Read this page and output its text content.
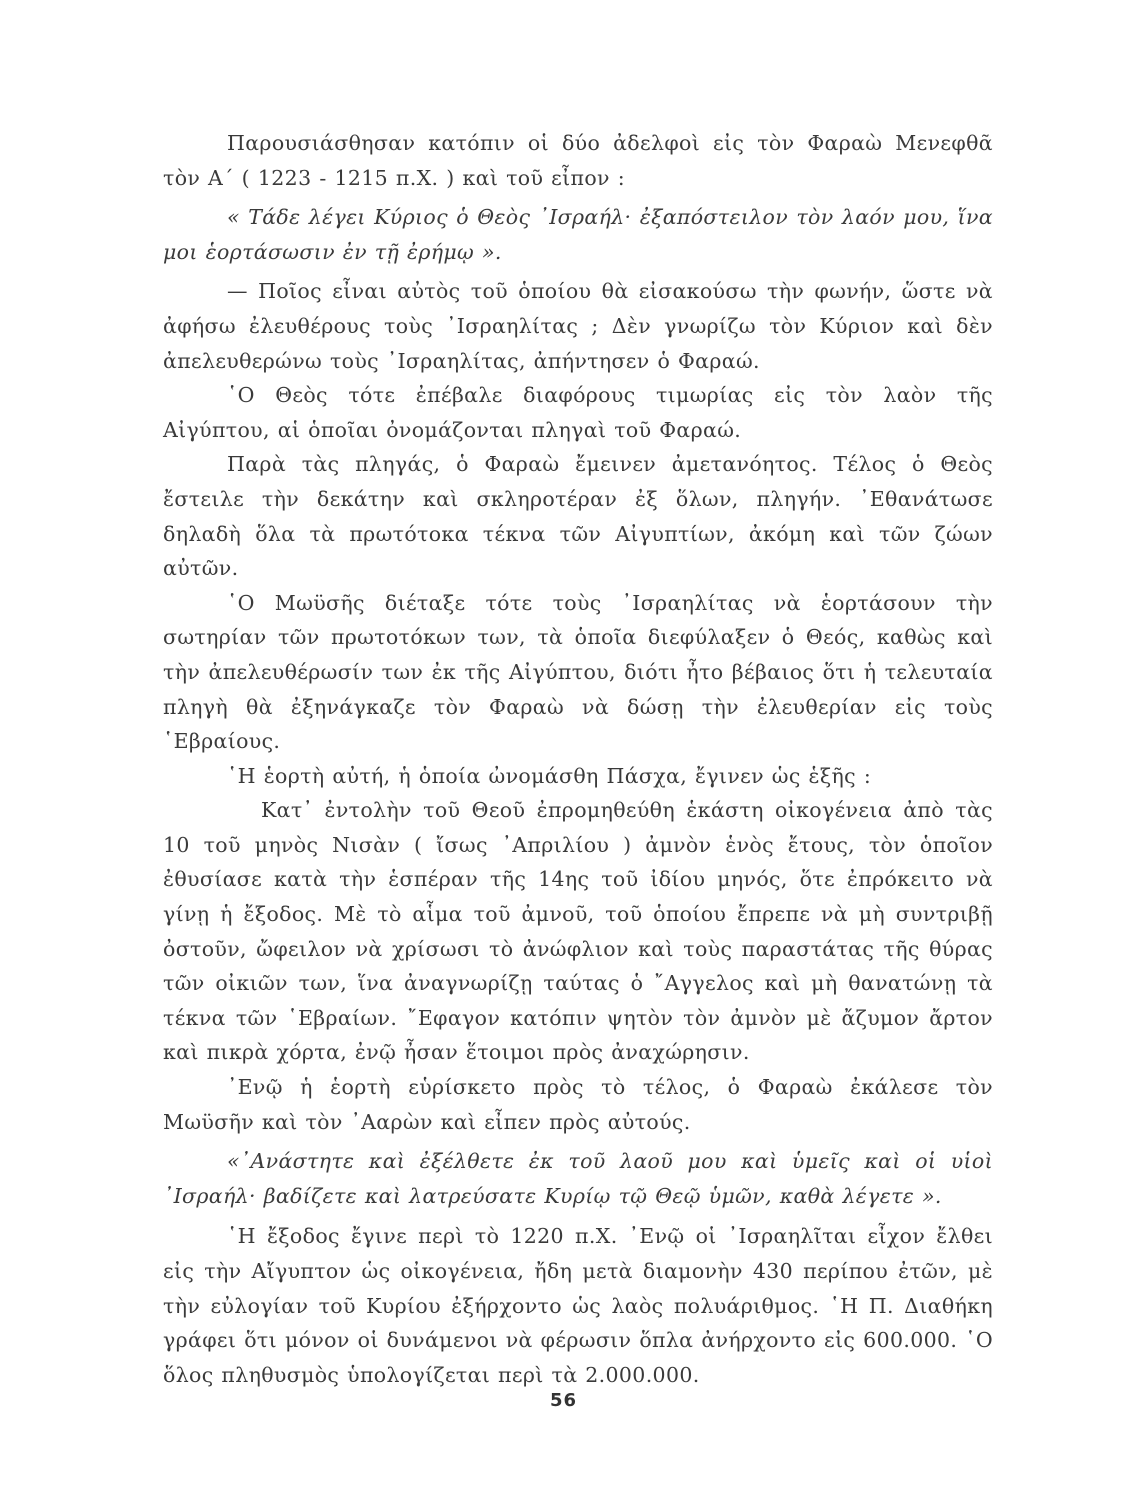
Παρουσιάσθησαν κατόπιν οἱ δύο ἀδελφοὶ εἰς τὸν Φαραὼ Μενεφθᾶ τὸν Α΄ ( 1223 - 1215 π.Χ. ) καὶ τοῦ εἶπον :

« Τάδε λέγει Κύριος ὁ Θεὸς ᾽Ισραήλ· ἐξαπόστειλον τὸν λαόν μου, ἵνα μοι ἑορτάσωσιν ἐν τῇ ἐρήμῳ ».

— Ποῖος εἶναι αὐτὸς τοῦ ὁποίου θὰ εἰσακούσω τὴν φωνήν, ὥστε νὰ ἀφήσω ἐλευθέρους τοὺς ᾽Ισραηλίτας ; Δὲν γνωρίζω τὸν Κύριον καὶ δὲν ἀπελευθερώνω τοὺς ᾽Ισραηλίτας, ἀπήντησεν ὁ Φαραώ.

῾Ο Θεὸς τότε ἐπέβαλε διαφόρους τιμωρίας εἰς τὸν λαὸν τῆς Αἰγύπτου, αἱ ὁποῖαι ὀνομάζονται πληγαὶ τοῦ Φαραώ.

Παρὰ τὰς πληγάς, ὁ Φαραὼ ἔμεινεν ἀμετανόητος. Τέλος ὁ Θεὸς ἔστειλε τὴν δεκάτην καὶ σκληροτέραν ἐξ ὅλων, πληγήν. ᾽Εθανάτωσε δηλαδὴ ὅλα τὰ πρωτότοκα τέκνα τῶν Αἰγυπτίων, ἀκόμη καὶ τῶν ζώων αὐτῶν.

῾Ο Μωϋσῆς διέταξε τότε τοὺς ᾽Ισραηλίτας νὰ ἑορτάσουν τὴν σωτηρίαν τῶν πρωτοτόκων των, τὰ ὁποῖα διεφύλαξεν ὁ Θεός, καθὼς καὶ τὴν ἀπελευθέρωσίν των ἐκ τῆς Αἰγύπτου, διότι ἦτο βέβαιος ὅτι ἡ τελευταία πληγὴ θὰ ἐξηνάγκαζε τὸν Φαραὼ νὰ δώσῃ τὴν ἐλευθερίαν εἰς τοὺς ῾Εβραίους.

῾Η ἑορτὴ αὐτή, ἡ ὁποία ὠνομάσθη Πάσχα, ἔγινεν ὡς ἑξῆς :

Κατ᾽ ἐντολὴν τοῦ Θεοῦ ἐπρομηθεύθη ἑκάστη οἰκογένεια ἀπὸ τὰς 10 τοῦ μηνὸς Νισὰν ( ἴσως ᾽Απριλίου ) ἀμνὸν ἑνὸς ἔτους, τὸν ὁποῖον ἐθυσίασε κατὰ τὴν ἑσπέραν τῆς 14ης τοῦ ἰδίου μηνός, ὅτε ἐπρόκειτο νὰ γίνῃ ἡ ἔξοδος. Μὲ τὸ αἷμα τοῦ ἀμνοῦ, τοῦ ὁποίου ἔπρεπε νὰ μὴ συντριβῇ ὀστοῦν, ὤφειλον νὰ χρίσωσι τὸ ἀνώφλιον καὶ τοὺς παραστάτας τῆς θύρας τῶν οἰκιῶν των, ἵνα ἀναγνωρίζῃ ταύτας ὁ ῎Αγγελος καὶ μὴ θανατώνῃ τὰ τέκνα τῶν ῾Εβραίων. ῎Εφαγον κατόπιν ψητὸν τὸν ἀμνὸν μὲ ἄζυμον ἄρτον καὶ πικρὰ χόρτα, ἐνῷ ἦσαν ἕτοιμοι πρὸς ἀναχώρησιν.

᾽Ενῷ ἡ ἑορτὴ εὑρίσκετο πρὸς τὸ τέλος, ὁ Φαραὼ ἐκάλεσε τὸν Μωϋσῆν καὶ τὸν ᾽Ααρὼν καὶ εἶπεν πρὸς αὐτούς.

«᾽Ανάστητε καὶ ἐξέλθετε ἐκ τοῦ λαοῦ μου καὶ ὑμεῖς καὶ οἱ υἱοὶ ᾽Ισραήλ· βαδίζετε καὶ λατρεύσατε Κυρίῳ τῷ Θεῷ ὑμῶν, καθὰ λέγετε ».

῾Η ἔξοδος ἔγινε περὶ τὸ 1220 π.Χ. ᾽Ενῷ οἱ ᾽Ισραηλῖται εἶχον ἔλθει εἰς τὴν Αἴγυπτον ὡς οἰκογένεια, ἤδη μετὰ διαμονὴν 430 περίπου ἐτῶν, μὲ τὴν εὐλογίαν τοῦ Κυρίου ἐξήρχοντο ὡς λαὸς πολυάριθμος. ῾Η Π. Διαθήκη γράφει ὅτι μόνον οἱ δυνάμενοι νὰ φέρωσιν ὅπλα ἀνήρχοντο εἰς 600.000. ῾Ο ὅλος πληθυσμὸς ὑπολογίζεται περὶ τὰ 2.000.000.

56
